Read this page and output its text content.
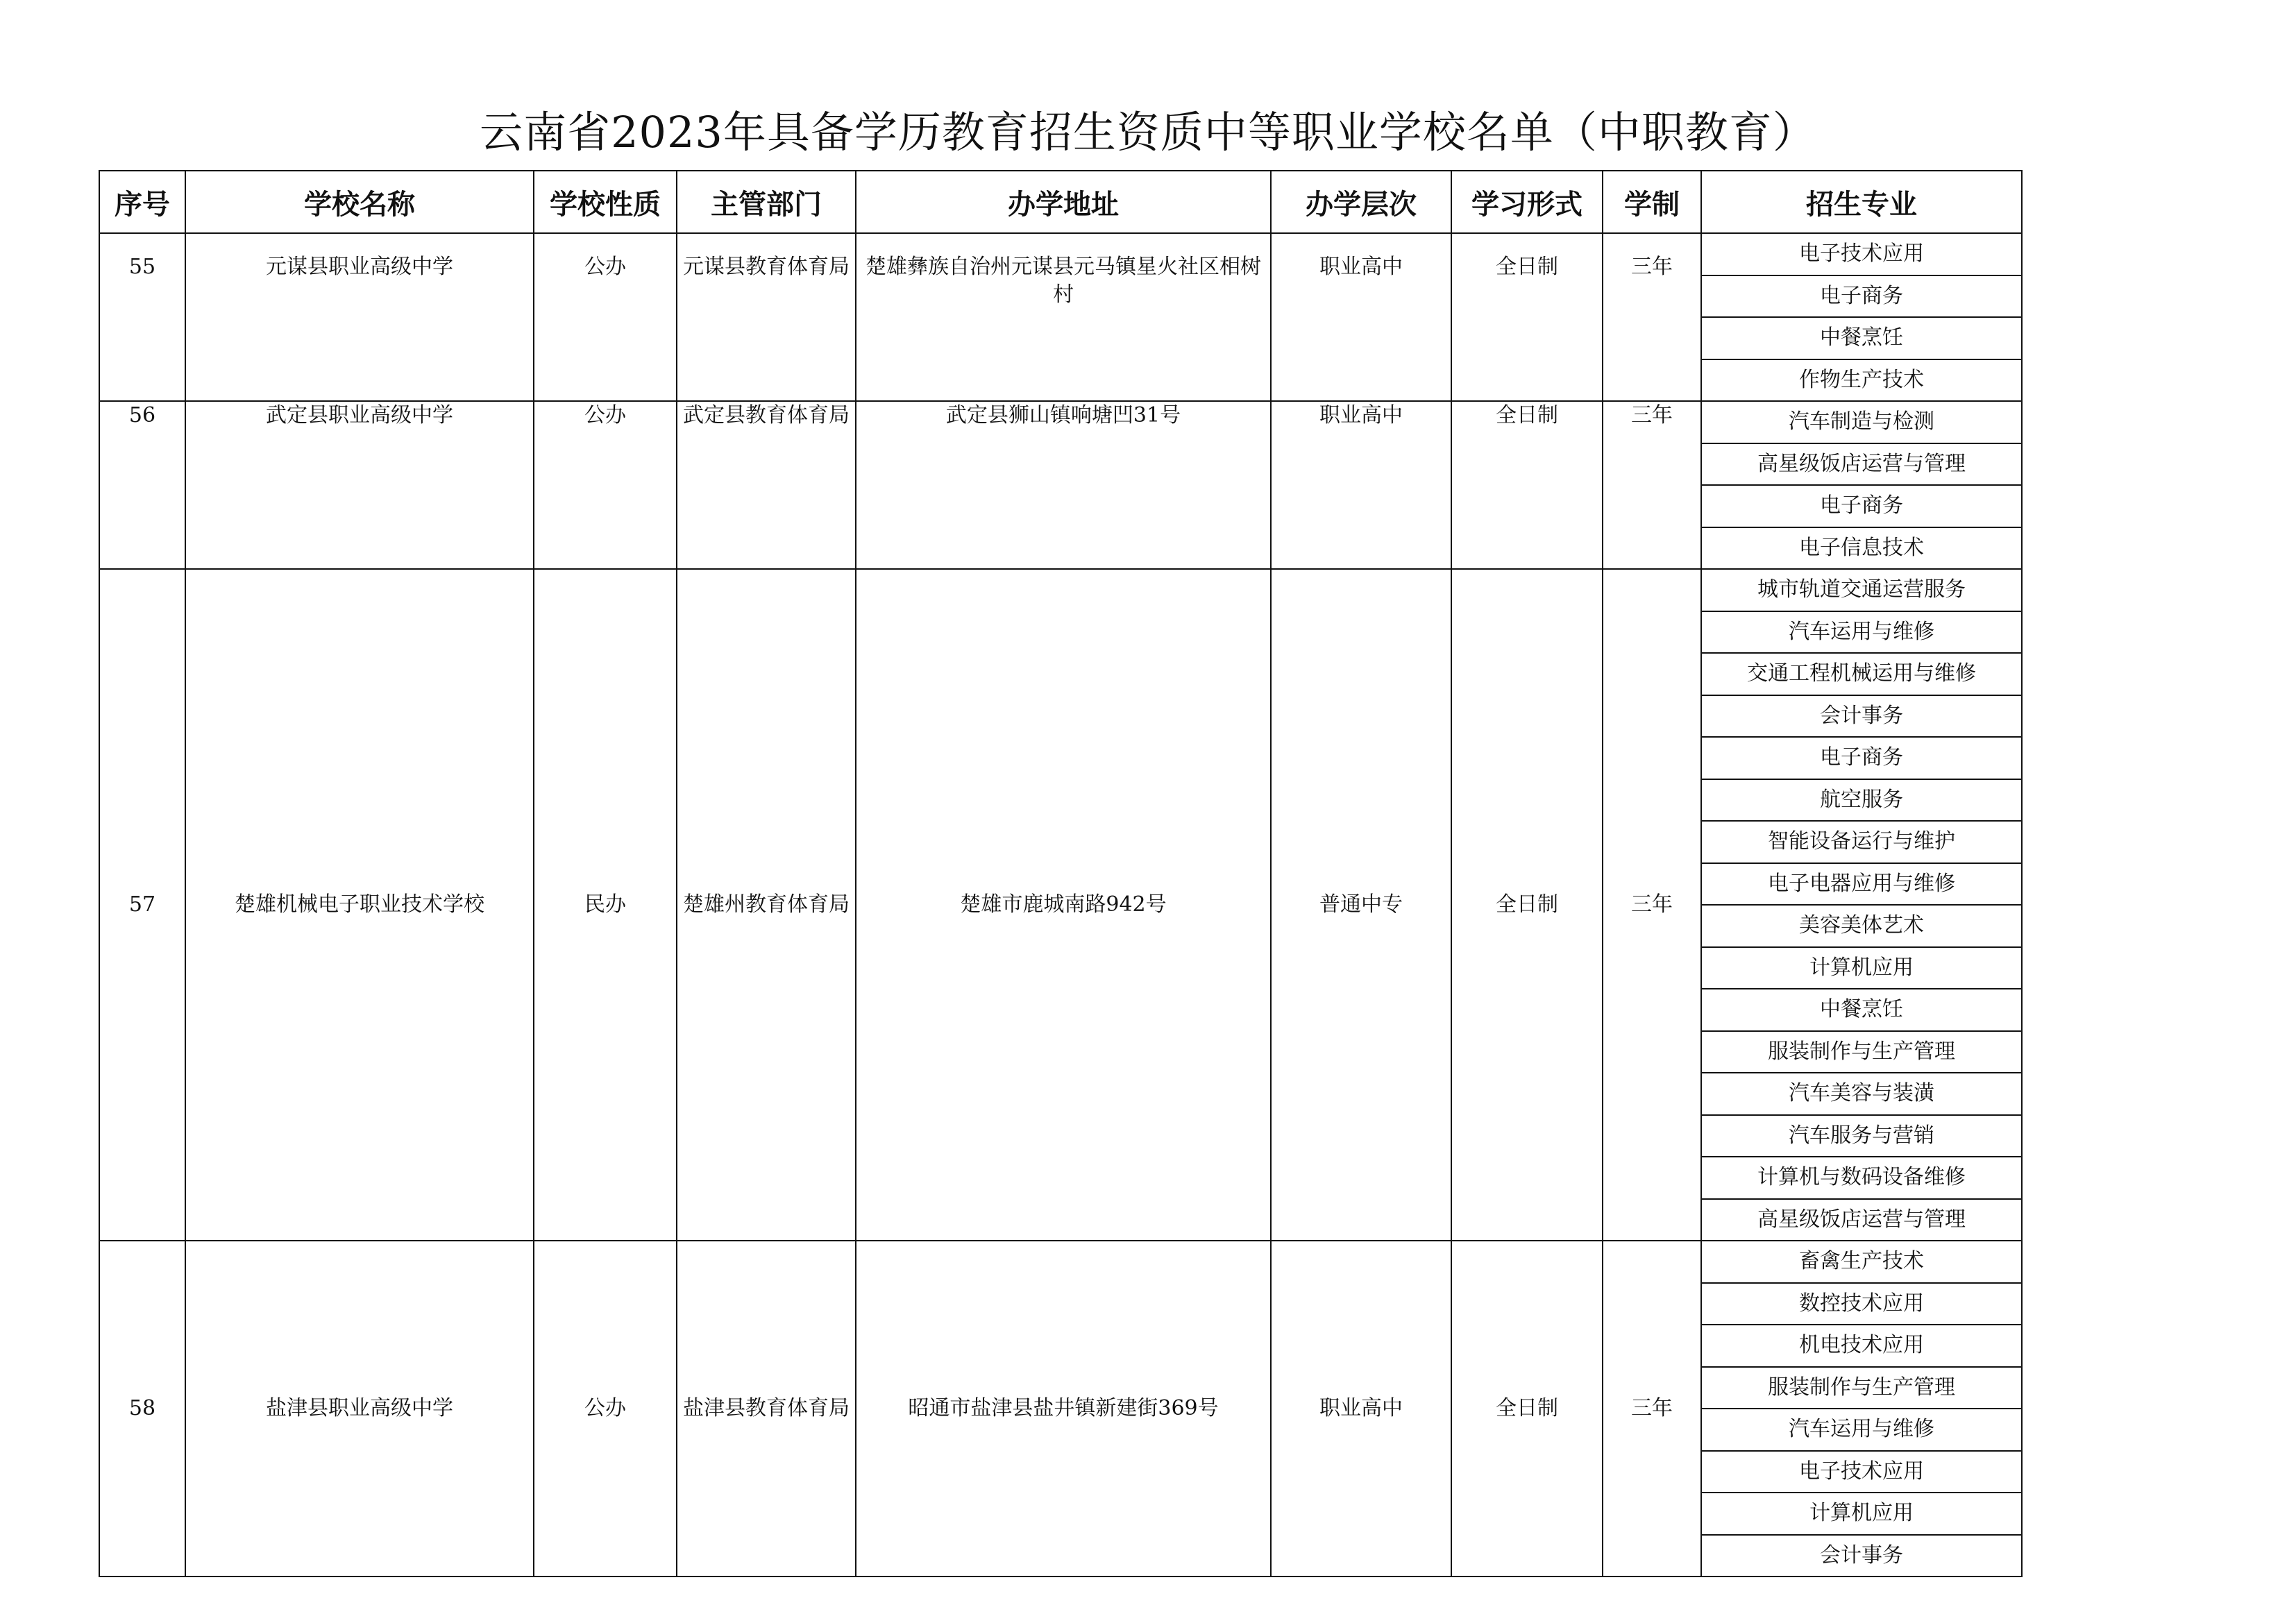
云南省2023年具备学历教育招生资质中等职业学校名单（中职教育）
序号	学校名称	学校性质	主管部门	办学地址	办学层次	学习形式	学制	招生专业
55	元谋县职业高级中学	公办	元谋县教育体育局	楚雄彝族自治州元谋县元马镇星火社区相树村	职业高中	全日制	三年	电子技术应用
								电子商务
								中餐烹饪
								作物生产技术
56	武定县职业高级中学	公办	武定县教育体育局	武定县狮山镇响塘凹31号	职业高中	全日制	三年	汽车制造与检测
								高星级饭店运营与管理
								电子商务
								电子信息技术
57	楚雄机械电子职业技术学校	民办	楚雄州教育体育局	楚雄市鹿城南路942号	普通中专	全日制	三年	城市轨道交通运营服务
								汽车运用与维修
								交通工程机械运用与维修
								会计事务
								电子商务
								航空服务
								智能设备运行与维护
								电子电器应用与维修
								美容美体艺术
								计算机应用
								中餐烹饪
								服装制作与生产管理
								汽车美容与装潢
								汽车服务与营销
								计算机与数码设备维修
								高星级饭店运营与管理
58	盐津县职业高级中学	公办	盐津县教育体育局	昭通市盐津县盐井镇新建街369号	职业高中	全日制	三年	畜禽生产技术
								数控技术应用
								机电技术应用
								服装制作与生产管理
								汽车运用与维修
								电子技术应用
								计算机应用
								会计事务
